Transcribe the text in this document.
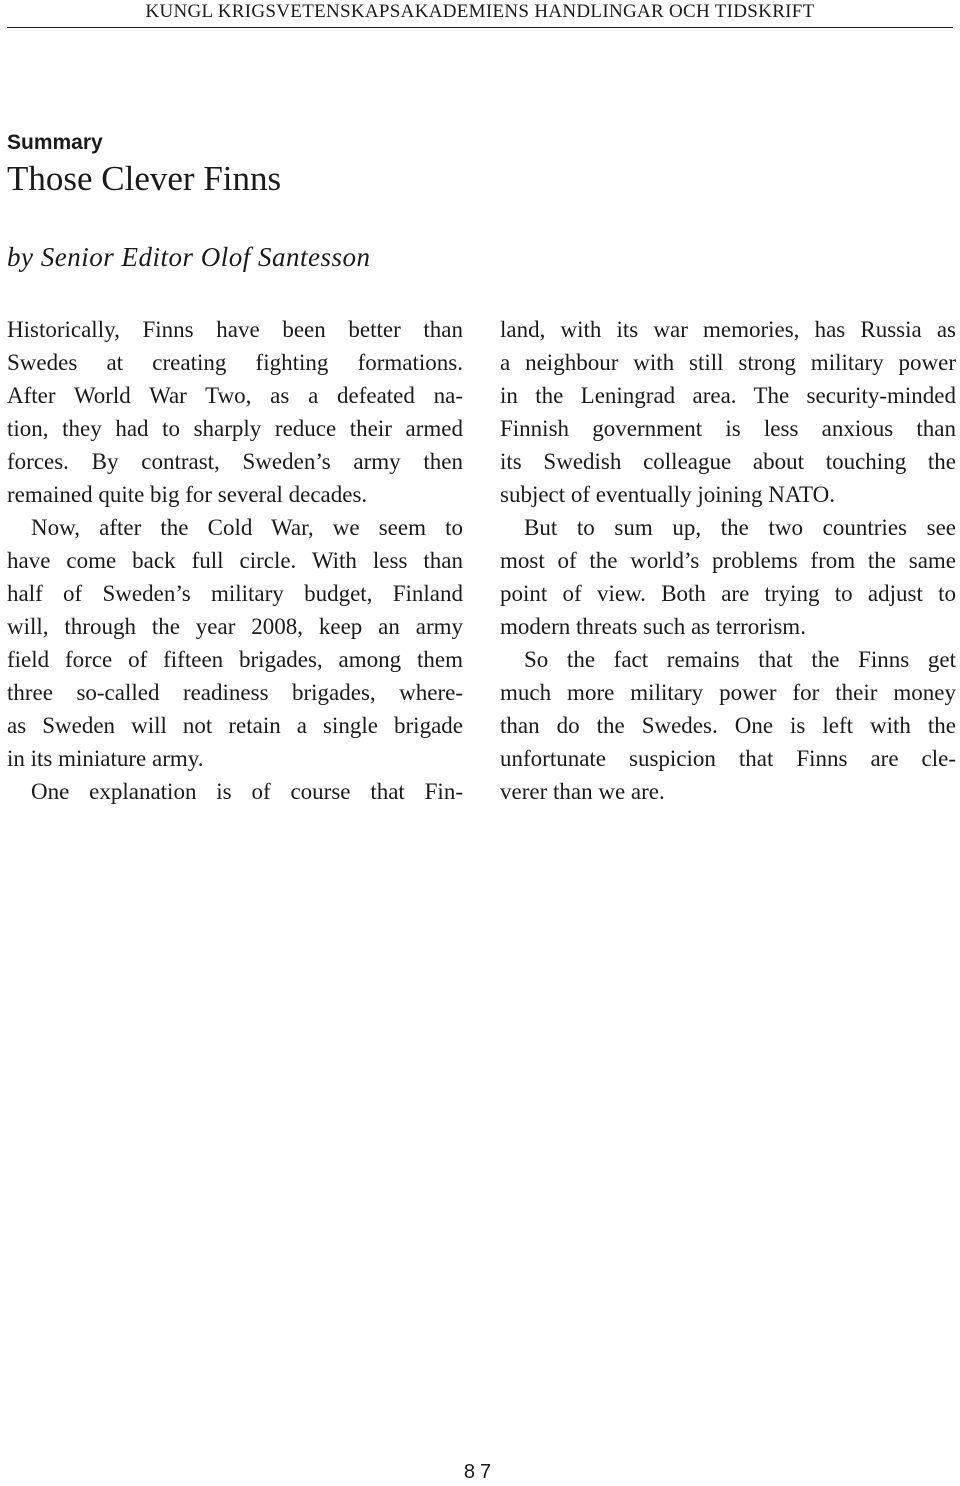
KUNGL KRIGSVETENSKAPSAKADEMIENS HANDLINGAR OCH TIDSKRIFT
Summary
Those Clever Finns
by Senior Editor Olof Santesson
Historically, Finns have been better than
Swedes at creating fighting formations.
After World War Two, as a defeated na-
tion, they had to sharply reduce their armed
forces. By contrast, Sweden’s army then
remained quite big for several decades.
Now, after the Cold War, we seem to
have come back full circle. With less than
half of Sweden’s military budget, Finland
will, through the year 2008, keep an army
field force of fifteen brigades, among them
three so-called readiness brigades, where-
as Sweden will not retain a single brigade
in its miniature army.
One explanation is of course that Fin-
land, with its war memories, has Russia as
a neighbour with still strong military power
in the Leningrad area. The security-minded
Finnish government is less anxious than
its Swedish colleague about touching the
subject of eventually joining NATO.
But to sum up, the two countries see
most of the world’s problems from the same
point of view. Both are trying to adjust to
modern threats such as terrorism.
So the fact remains that the Finns get
much more military power for their money
than do the Swedes. One is left with the
unfortunate suspicion that Finns are cle-
verer than we are.
87
